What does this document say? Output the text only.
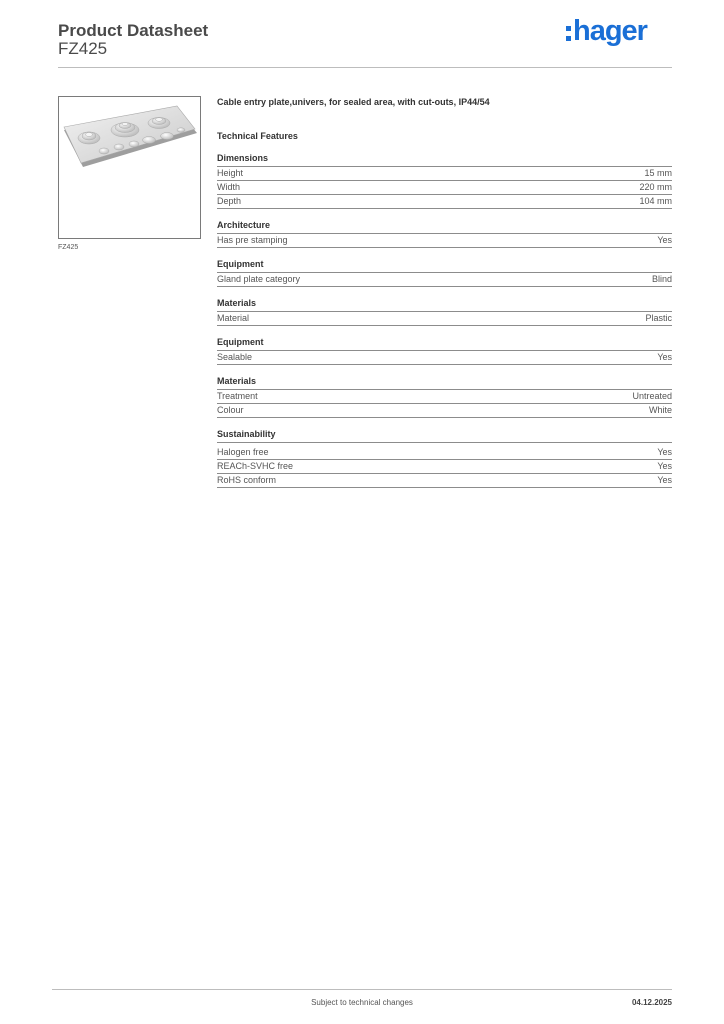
Product Datasheet
FZ425
hager
FZ425
Cable entry plate,univers, for sealed area, with cut-outs, IP44/54
Technical Features
Dimensions
Height	15 mm
Width	220 mm
Depth	104 mm
Architecture
Has pre stamping	Yes
Equipment
Gland plate category	Blind
Materials
Material	Plastic
Equipment
Sealable	Yes
Materials
Treatment	Untreated
Colour	White
Sustainability
Halogen free	Yes
REACh-SVHC free	Yes
RoHS conform	Yes
Subject to technical changes	04.12.2025
